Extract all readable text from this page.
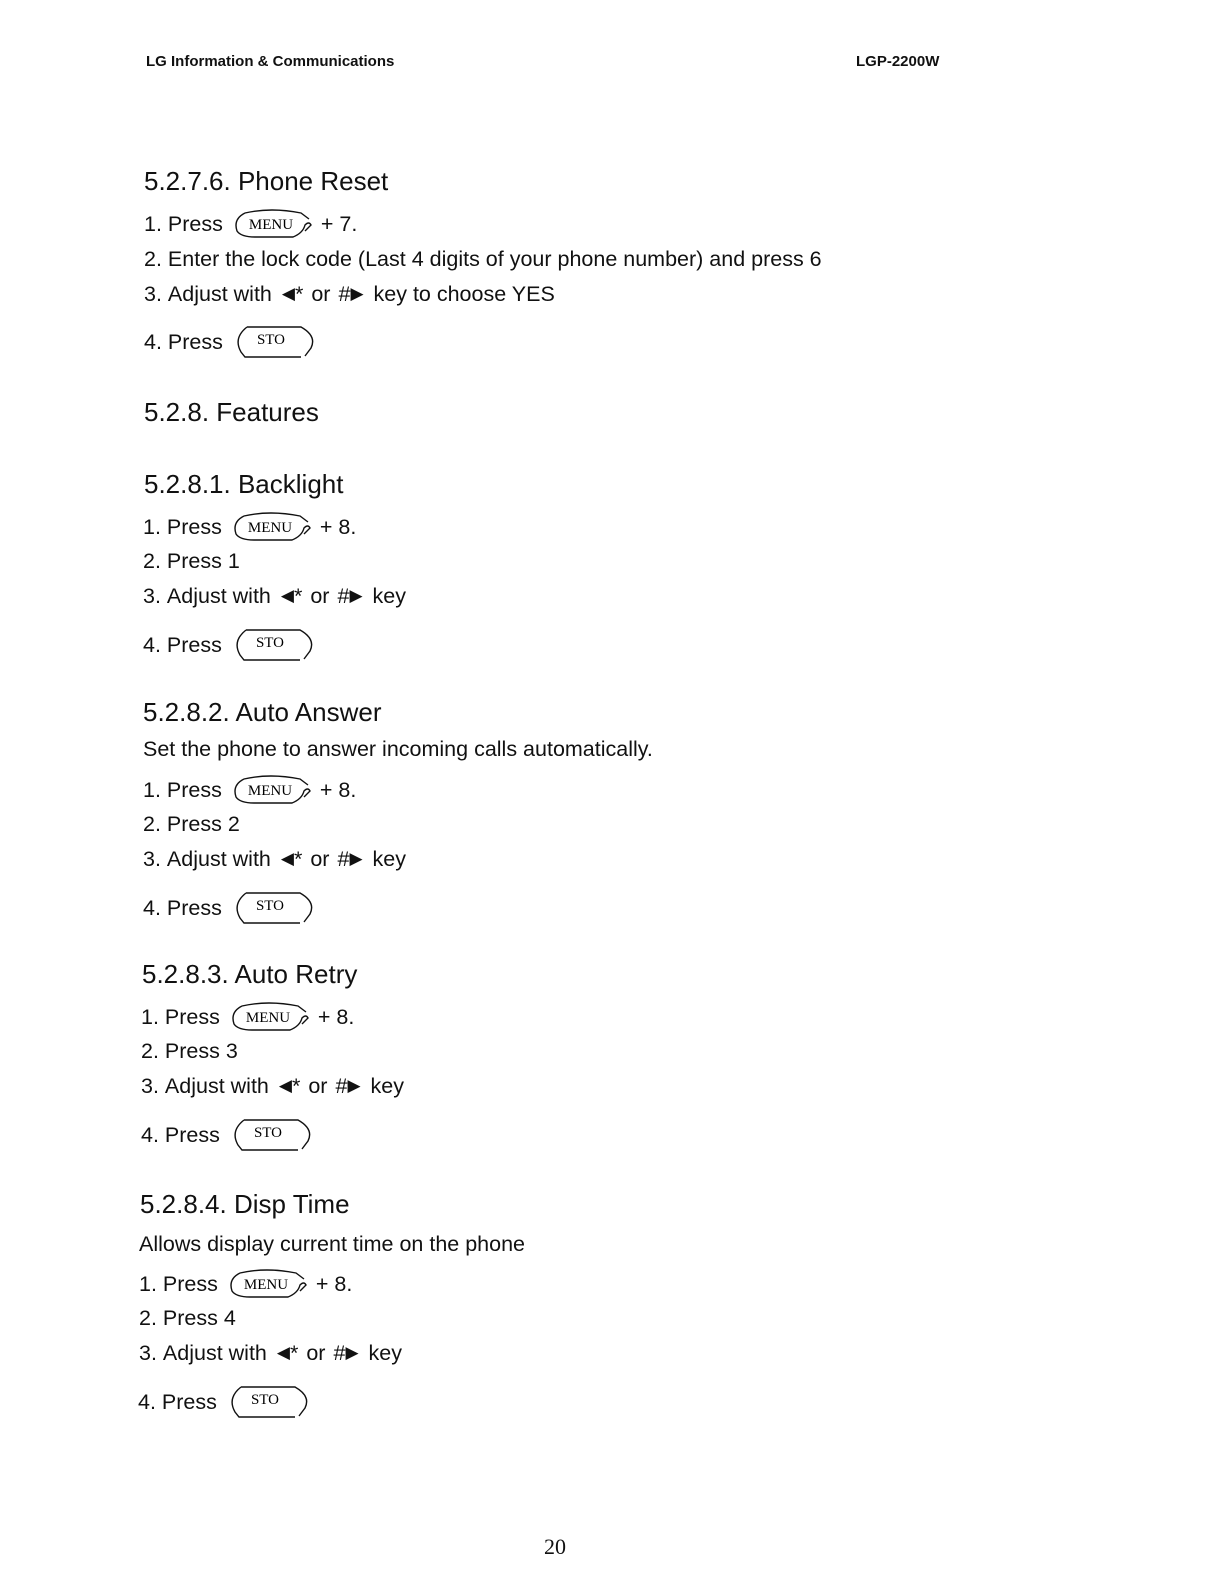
LG Information & Communications	LGP-2200W
5.2.7.6. Phone Reset
1.
Press MENU + 7.
2. Enter the lock code (Last 4 digits of your phone number) and press 6
3.
Adjust with ◀ * or # ▶ key to choose YES
4.
Press STO
5.2.8. Features
5.2.8.1. Backlight
1.
Press MENU + 8.
2. Press 1
3.
Adjust with ◀ * or # ▶ key
4.
Press STO
5.2.8.2. Auto Answer
Set the phone to answer incoming calls automatically.
1.
Press MENU + 8.
2. Press 2
3.
Adjust with ◀ * or # ▶ key
4.
Press STO
5.2.8.3. Auto Retry
1.
Press MENU + 8.
2. Press 3
3.
Adjust with ◀ * or # ▶ key
4.
Press STO
5.2.8.4. Disp Time
Allows display current time on the phone
1.
Press MENU + 8.
2. Press 4
3.
Adjust with ◀ * or # ▶ key
4.
Press STO
20
